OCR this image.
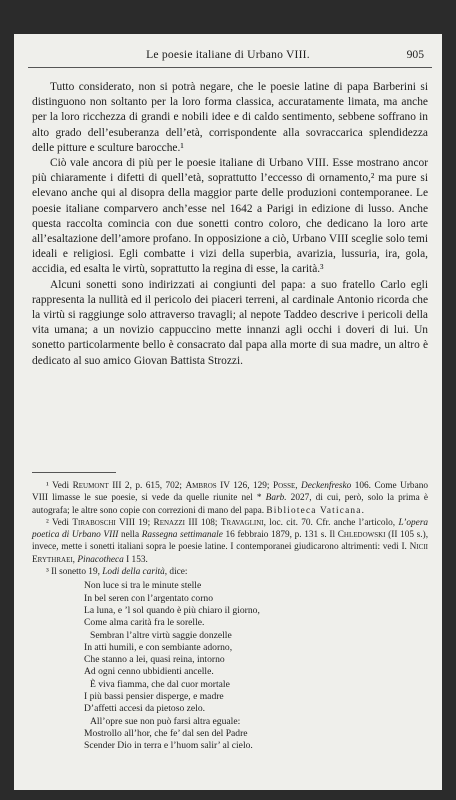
Le poesie italiane di Urbano VIII.	905

Tutto considerato, non si potrà negare, che le poesie latine di papa Barberini si distinguono non soltanto per la loro forma classica, accuratamente limata, ma anche per la loro ricchezza di grandi e nobili idee e di caldo sentimento, sebbene soffrano in alto grado dell’esuberanza dell’età, corrispondente alla sovraccarica splendidezza delle pitture e sculture barocche.¹

Ciò vale ancora di più per le poesie italiane di Urbano VIII. Esse mostrano ancor più chiaramente i difetti di quell’età, soprattutto l’eccesso di ornamento,² ma pure si elevano anche qui al disopra della maggior parte delle produzioni contemporanee. Le poesie italiane comparvero anch’esse nel 1642 a Parigi in edizione di lusso. Anche questa raccolta comincia con due sonetti contro coloro, che dedicano la loro arte all’esaltazione dell’amore profano. In opposizione a ciò, Urbano VIII sceglie solo temi ideali e religiosi. Egli combatte i vizi della superbia, avarizia, lussuria, ira, gola, accidia, ed esalta le virtù, soprattutto la regina di esse, la carità.³

Alcuni sonetti sono indirizzati ai congiunti del papa: a suo fratello Carlo egli rappresenta la nullità ed il pericolo dei piaceri terreni, al cardinale Antonio ricorda che la virtù si raggiunge solo attraverso travagli; al nepote Taddeo descrive i pericoli della vita umana; a un novizio cappuccino mette innanzi agli occhi i doveri di lui. Un sonetto particolarmente bello è consacrato dal papa alla morte di sua madre, un altro è dedicato al suo amico Giovan Battista Strozzi.

¹ Vedi Reumont III 2, p. 615, 702; Ambros IV 126, 129; Posse, Deckenfresko 106. Come Urbano VIII limasse le sue poesie, si vede da quelle riunite nel * Barb. 2027, di cui, però, solo la prima è autografa; le altre sono copie con correzioni di mano del papa. Biblioteca Vaticana.

² Vedi Tiraboschi VIII 19; Renazzi III 108; Travaglini, loc. cit. 70. Cfr. anche l’articolo, L’opera poetica di Urbano VIII nella Rassegna settimanale 16 febbraio 1879, p. 131 s. Il Chledowski (II 105 s.), invece, mette i sonetti italiani sopra le poesie latine. I contemporanei giudicarono altrimenti: vedi I. Nicii Erythraei, Pinacotheca I 153.

³ Il sonetto 19, Lodi della carità, dice:

Non luce si tra le minute stelle
In bel seren con l’argentato corno
La luna, e ’l sol quando è più chiaro il giorno,
Come alma carità fra le sorelle.
Sembran l’altre virtù saggie donzelle
In atti humili, e con sembiante adorno,
Che stanno a lei, quasi reina, intorno
Ad ogni cenno ubbidienti ancelle.
È viva fiamma, che dal cuor mortale
I più bassi pensier disperge, e madre
D’affetti accesi da pietoso zelo.
All’opre sue non può farsi altra eguale:
Mostrollo all’hor, che fe’ dal sen del Padre
Scender Dio in terra e l’huom salir’ al cielo.
